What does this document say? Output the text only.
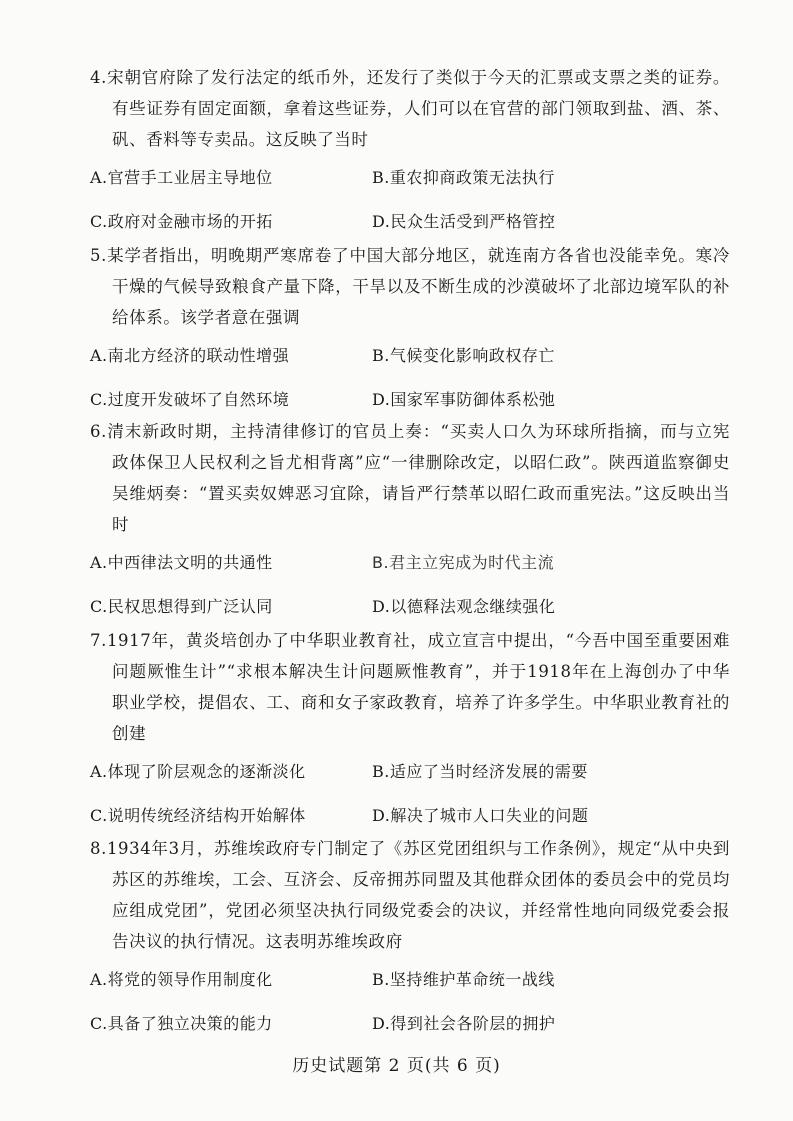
4.宋朝官府除了发行法定的纸币外，还发行了类似于今天的汇票或支票之类的证券。有些证券有固定面额，拿着这些证券，人们可以在官营的部门领取到盐、酒、茶、矾、香料等专卖品。这反映了当时
A.官营手工业居主导地位	B.重农抑商政策无法执行
C.政府对金融市场的开拓	D.民众生活受到严格管控
5.某学者指出，明晚期严寒席卷了中国大部分地区，就连南方各省也没能幸免。寒冷干燥的气候导致粮食产量下降，干旱以及不断生成的沙漠破坏了北部边境军队的补给体系。该学者意在强调
A.南北方经济的联动性增强	B.气候变化影响政权存亡
C.过度开发破坏了自然环境	D.国家军事防御体系松弛
6.清末新政时期，主持清律修订的官员上奏：“买卖人口久为环球所指摘，而与立宪政体保卫人民权利之旨尤相背离”应“一律删除改定，以昭仁政”。陕西道监察御史吴维炳奏：“置买卖奴婢恶习宜除，请旨严行禁革以昭仁政而重宪法。”这反映出当时
A.中西律法文明的共通性	B.君主立宪成为时代主流
C.民权思想得到广泛认同	D.以德释法观念继续强化
7.1917年，黄炎培创办了中华职业教育社，成立宣言中提出，“今吾中国至重要困难问题厥惟生计”“求根本解决生计问题厥惟教育”，并于1918年在上海创办了中华职业学校，提倡农、工、商和女子家政教育，培养了许多学生。中华职业教育社的创建
A.体现了阶层观念的逐渐淡化	B.适应了当时经济发展的需要
C.说明传统经济结构开始解体	D.解决了城市人口失业的问题
8.1934年3月，苏维埃政府专门制定了《苏区党团组织与工作条例》，规定“从中央到苏区的苏维埃，工会、互济会、反帝拥苏同盟及其他群众团体的委员会中的党员均应组成党团”，党团必须坚决执行同级党委会的决议，并经常性地向同级党委会报告决议的执行情况。这表明苏维埃政府
A.将党的领导作用制度化	B.坚持维护革命统一战线
C.具备了独立决策的能力	D.得到社会各阶层的拥护
历史试题第 2 页(共 6 页)
